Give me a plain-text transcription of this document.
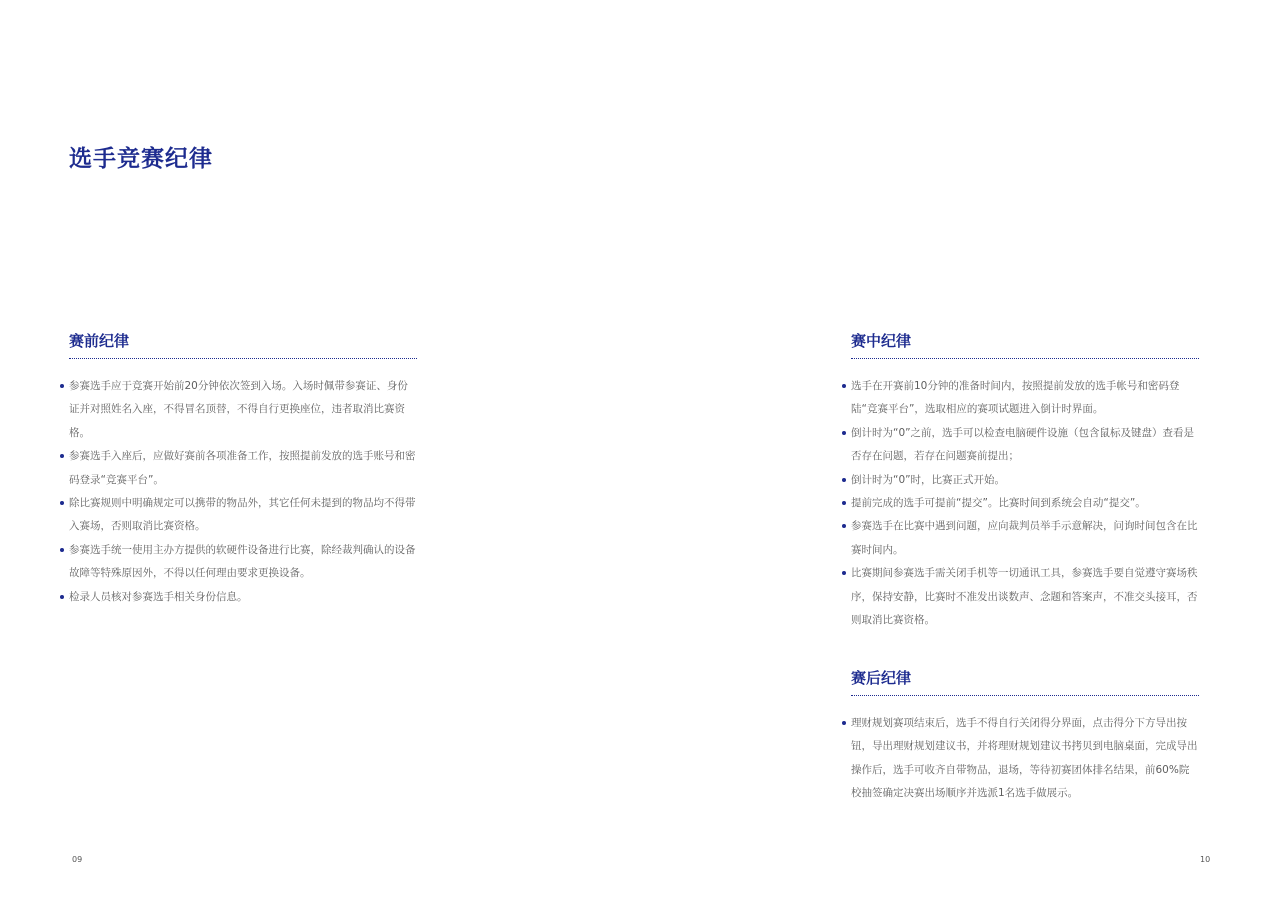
选手竞赛纪律
赛前纪律
参赛选手应于竞赛开始前20分钟依次签到入场。入场时佩带参赛证、身份证并对照姓名入座，不得冒名顶替，不得自行更换座位，违者取消比赛资格。
参赛选手入座后，应做好赛前各项准备工作，按照提前发放的选手账号和密码登录“竞赛平台”。
除比赛规则中明确规定可以携带的物品外，其它任何未提到的物品均不得带入赛场，否则取消比赛资格。
参赛选手统一使用主办方提供的软硬件设备进行比赛，除经裁判确认的设备故障等特殊原因外，不得以任何理由要求更换设备。
检录人员核对参赛选手相关身份信息。
赛中纪律
选手在开赛前10分钟的准备时间内，按照提前发放的选手帐号和密码登陆“竞赛平台”，选取相应的赛项试题进入倒计时界面。
倒计时为“0”之前，选手可以检查电脑硬件设施（包含鼠标及键盘）查看是否存在问题，若存在问题赛前提出；
倒计时为“0”时，比赛正式开始。
提前完成的选手可提前“提交”。比赛时间到系统会自动“提交”。
参赛选手在比赛中遇到问题，应向裁判员举手示意解决，问询时间包含在比赛时间内。
比赛期间参赛选手需关闭手机等一切通讯工具，参赛选手要自觉遵守赛场秩序，保持安静，比赛时不准发出谈数声、念题和答案声，不准交头接耳，否则取消比赛资格。
赛后纪律
理财规划赛项结束后，选手不得自行关闭得分界面，点击得分下方导出按钮，导出理财规划建议书，并将理财规划建议书拷贝到电脑桌面，完成导出操作后，选手可收齐自带物品，退场，等待初赛团体排名结果，前60%院校抽签确定决赛出场顺序并选派1名选手做展示。
09	10
